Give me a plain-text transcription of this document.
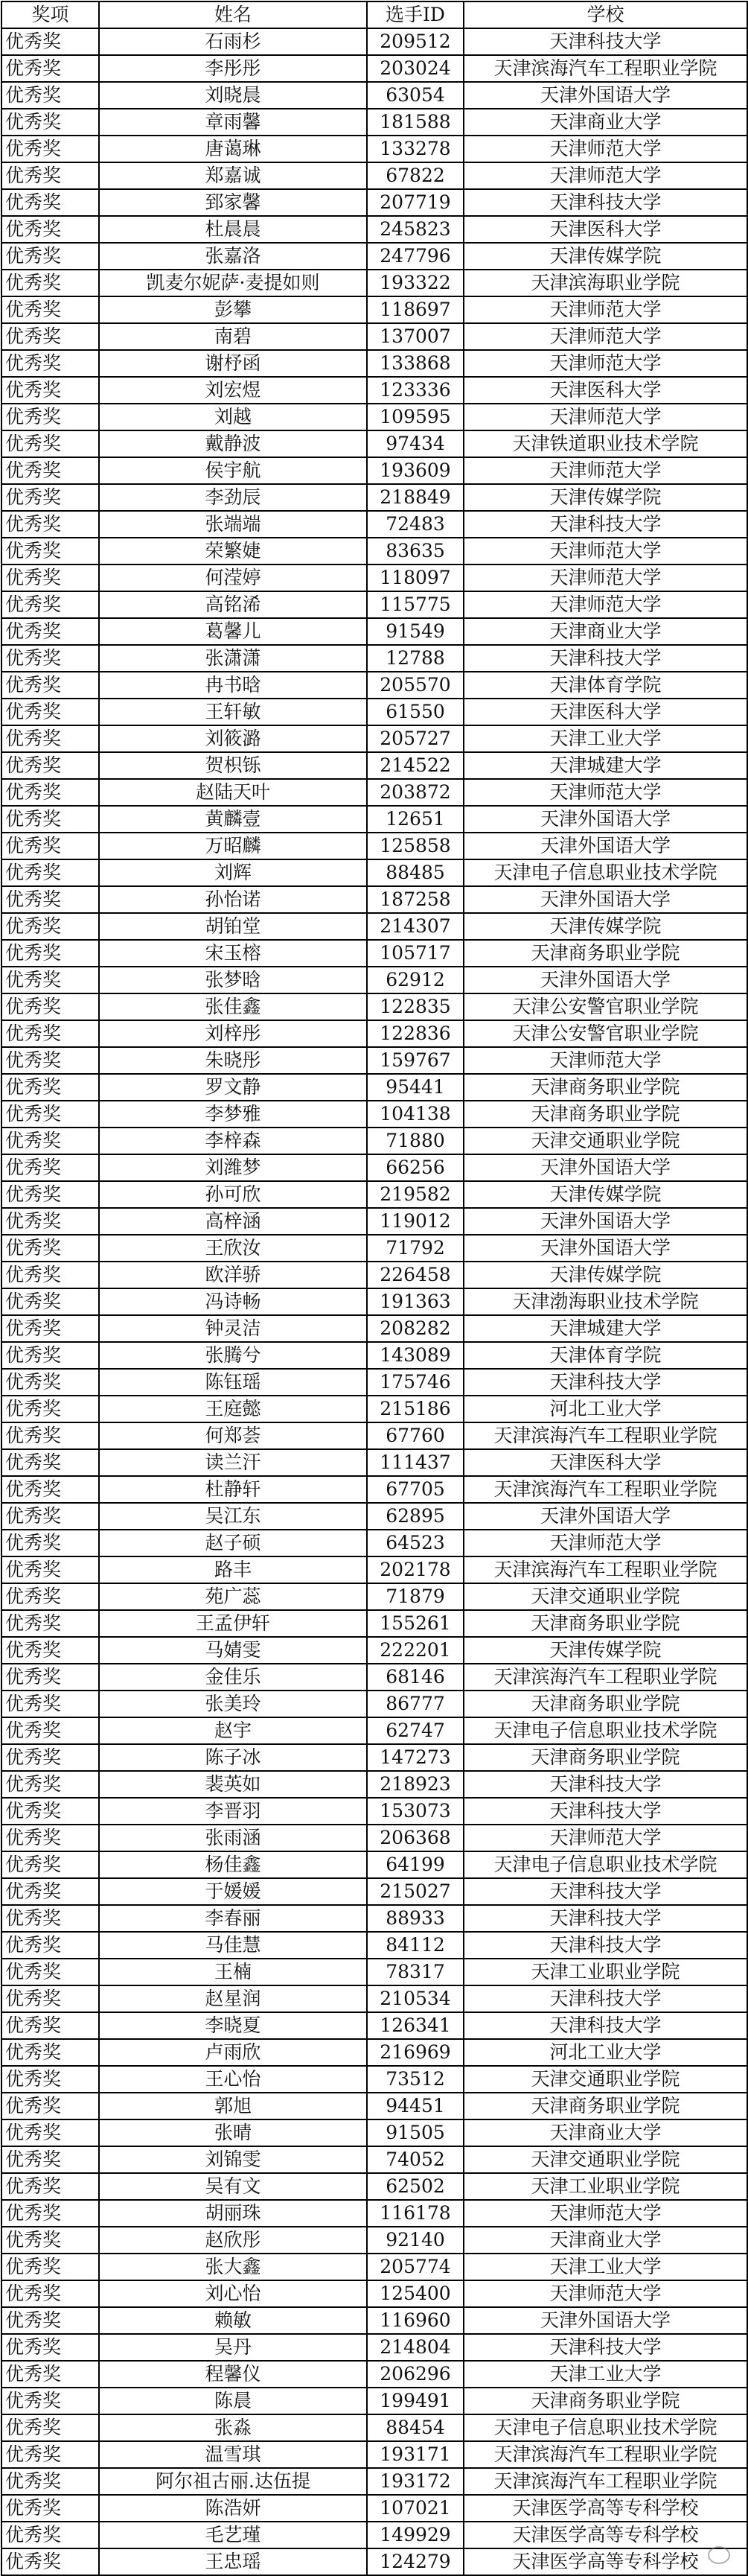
奖项	姓名	选手ID	学校
优秀奖	石雨杉	209512	天津科技大学
优秀奖	李彤彤	203024	天津滨海汽车工程职业学院
优秀奖	刘晓晨	63054	天津外国语大学
优秀奖	章雨馨	181588	天津商业大学
优秀奖	唐蔼琳	133278	天津师范大学
优秀奖	郑嘉诚	67822	天津师范大学
优秀奖	郅家馨	207719	天津科技大学
优秀奖	杜晨晨	245823	天津医科大学
优秀奖	张嘉洛	247796	天津传媒学院
优秀奖	凯麦尔妮萨·麦提如则	193322	天津滨海职业学院
优秀奖	彭攀	118697	天津师范大学
优秀奖	南碧	137007	天津师范大学
优秀奖	谢杼函	133868	天津师范大学
优秀奖	刘宏煜	123336	天津医科大学
优秀奖	刘越	109595	天津师范大学
优秀奖	戴静波	97434	天津铁道职业技术学院
优秀奖	侯宇航	193609	天津师范大学
优秀奖	李劲辰	218849	天津传媒学院
优秀奖	张端端	72483	天津科技大学
优秀奖	荣繁婕	83635	天津师范大学
优秀奖	何滢婷	118097	天津师范大学
优秀奖	高铭浠	115775	天津师范大学
优秀奖	葛馨儿	91549	天津商业大学
优秀奖	张潇潇	12788	天津科技大学
优秀奖	冉书晗	205570	天津体育学院
优秀奖	王轩敏	61550	天津医科大学
优秀奖	刘筱潞	205727	天津工业大学
优秀奖	贺枳铄	214522	天津城建大学
优秀奖	赵陆天叶	203872	天津师范大学
优秀奖	黄麟壹	12651	天津外国语大学
优秀奖	万昭麟	125858	天津外国语大学
优秀奖	刘辉	88485	天津电子信息职业技术学院
优秀奖	孙怡诺	187258	天津外国语大学
优秀奖	胡铂堂	214307	天津传媒学院
优秀奖	宋玉榕	105717	天津商务职业学院
优秀奖	张梦晗	62912	天津外国语大学
优秀奖	张佳鑫	122835	天津公安警官职业学院
优秀奖	刘梓彤	122836	天津公安警官职业学院
优秀奖	朱晓彤	159767	天津师范大学
优秀奖	罗文静	95441	天津商务职业学院
优秀奖	李梦雅	104138	天津商务职业学院
优秀奖	李梓森	71880	天津交通职业学院
优秀奖	刘潍梦	66256	天津外国语大学
优秀奖	孙可欣	219582	天津传媒学院
优秀奖	高梓涵	119012	天津外国语大学
优秀奖	王欣汝	71792	天津外国语大学
优秀奖	欧洋骄	226458	天津传媒学院
优秀奖	冯诗畅	191363	天津渤海职业技术学院
优秀奖	钟灵洁	208282	天津城建大学
优秀奖	张腾兮	143089	天津体育学院
优秀奖	陈钰瑶	175746	天津科技大学
优秀奖	王庭懿	215186	河北工业大学
优秀奖	何郑荟	67760	天津滨海汽车工程职业学院
优秀奖	读兰汗	111437	天津医科大学
优秀奖	杜静轩	67705	天津滨海汽车工程职业学院
优秀奖	吴江东	62895	天津外国语大学
优秀奖	赵子硕	64523	天津师范大学
优秀奖	路丰	202178	天津滨海汽车工程职业学院
优秀奖	苑广蕊	71879	天津交通职业学院
优秀奖	王孟伊轩	155261	天津商务职业学院
优秀奖	马婧雯	222201	天津传媒学院
优秀奖	金佳乐	68146	天津滨海汽车工程职业学院
优秀奖	张美玲	86777	天津商务职业学院
优秀奖	赵宇	62747	天津电子信息职业技术学院
优秀奖	陈子冰	147273	天津商务职业学院
优秀奖	裴英如	218923	天津科技大学
优秀奖	李晋羽	153073	天津科技大学
优秀奖	张雨涵	206368	天津师范大学
优秀奖	杨佳鑫	64199	天津电子信息职业技术学院
优秀奖	于媛媛	215027	天津科技大学
优秀奖	李春丽	88933	天津科技大学
优秀奖	马佳慧	84112	天津科技大学
优秀奖	王楠	78317	天津工业职业学院
优秀奖	赵星润	210534	天津科技大学
优秀奖	李晓夏	126341	天津科技大学
优秀奖	卢雨欣	216969	河北工业大学
优秀奖	王心怡	73512	天津交通职业学院
优秀奖	郭旭	94451	天津商务职业学院
优秀奖	张晴	91505	天津商业大学
优秀奖	刘锦雯	74052	天津交通职业学院
优秀奖	吴有文	62502	天津工业职业学院
优秀奖	胡丽珠	116178	天津师范大学
优秀奖	赵欣彤	92140	天津商业大学
优秀奖	张大鑫	205774	天津工业大学
优秀奖	刘心怡	125400	天津师范大学
优秀奖	赖敏	116960	天津外国语大学
优秀奖	吴丹	214804	天津科技大学
优秀奖	程馨仪	206296	天津工业大学
优秀奖	陈晨	199491	天津商务职业学院
优秀奖	张淼	88454	天津电子信息职业技术学院
优秀奖	温雪琪	193171	天津滨海汽车工程职业学院
优秀奖	阿尔祖古丽.达伍提	193172	天津滨海汽车工程职业学院
优秀奖	陈浩妍	107021	天津医学高等专科学校
优秀奖	毛艺瑾	149929	天津医学高等专科学校
优秀奖	王忠瑶	124279	天津医学高等专科学校
